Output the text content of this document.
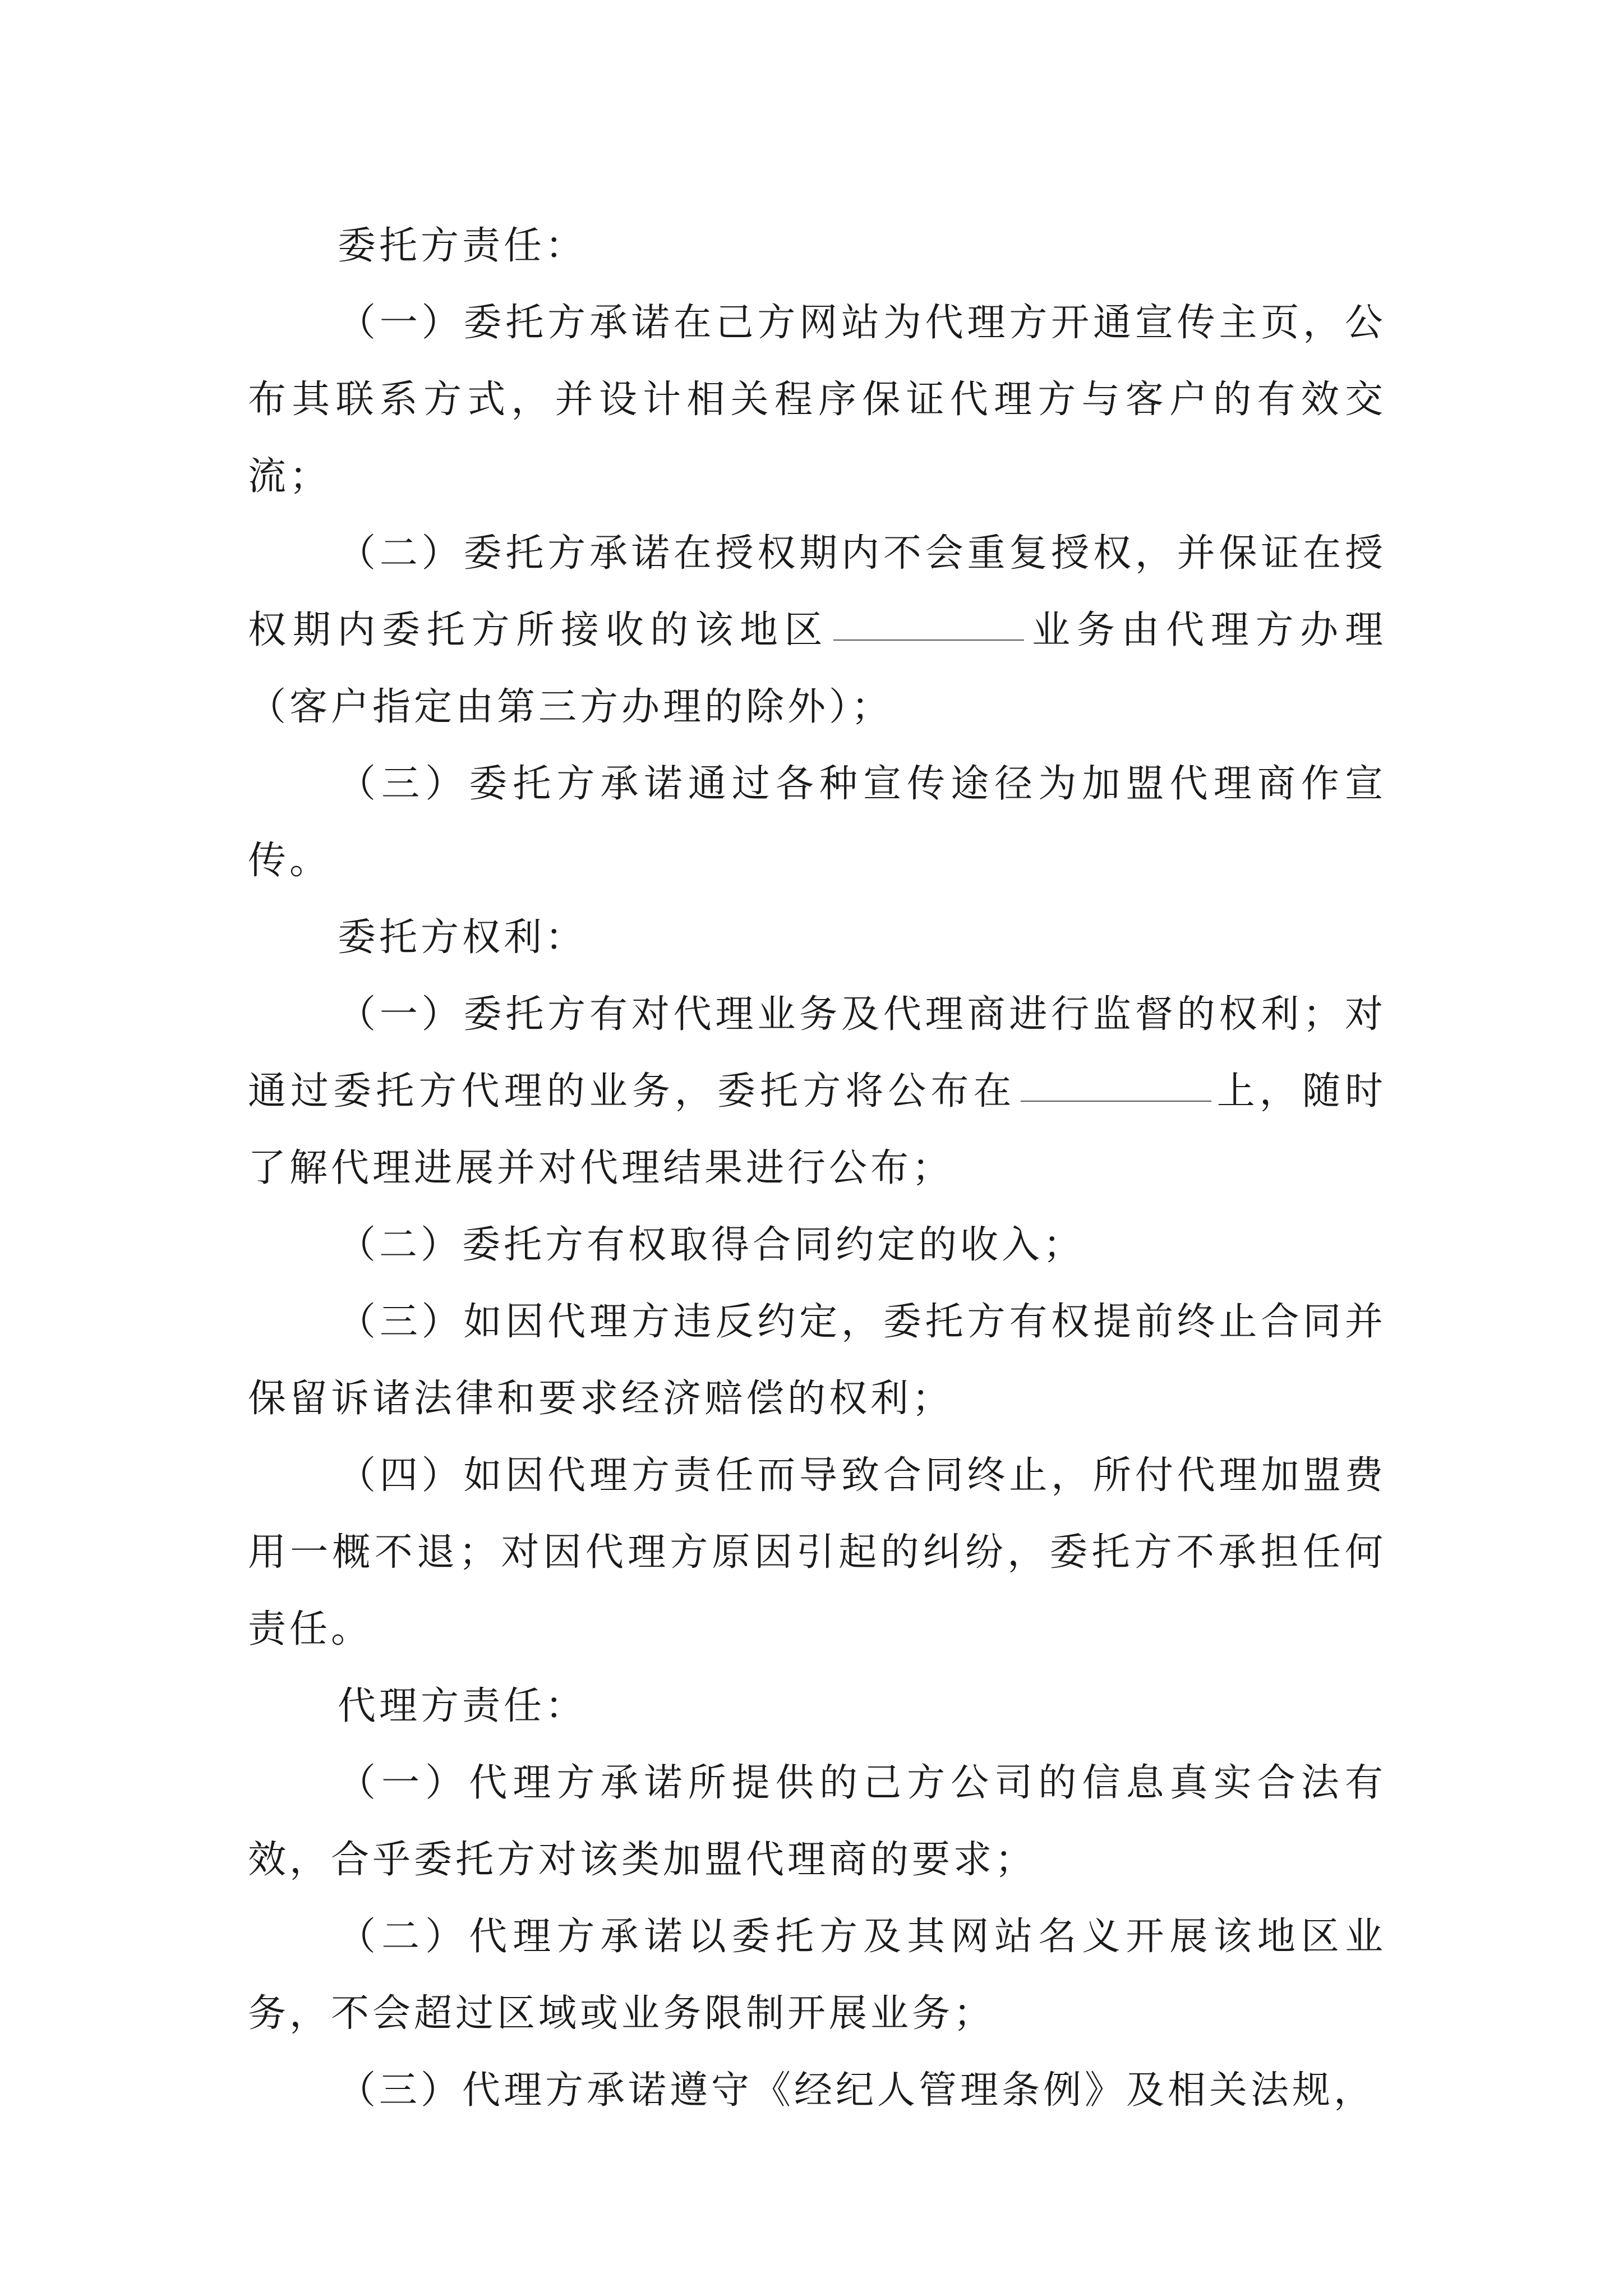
委托方责任：

（一）委托方承诺在己方网站为代理方开通宣传主页，公布其联系方式，并设计相关程序保证代理方与客户的有效交流；

（二）委托方承诺在授权期内不会重复授权，并保证在授权期内委托方所接收的该地区	业务由代理方办理（客户指定由第三方办理的除外）；

（三）委托方承诺通过各种宣传途径为加盟代理商作宣传。

委托方权利：

（一）委托方有对代理业务及代理商进行监督的权利；对通过委托方代理的业务，委托方将公布在	上，随时了解代理进展并对代理结果进行公布；

（二）委托方有权取得合同约定的收入；

（三）如因代理方违反约定，委托方有权提前终止合同并保留诉诸法律和要求经济赔偿的权利；

（四）如因代理方责任而导致合同终止，所付代理加盟费用一概不退；对因代理方原因引起的纠纷，委托方不承担任何责任。

代理方责任：

（一）代理方承诺所提供的己方公司的信息真实合法有效，合乎委托方对该类加盟代理商的要求；

（二）代理方承诺以委托方及其网站名义开展该地区业务，不会超过区域或业务限制开展业务；

（三）代理方承诺遵守《经纪人管理条例》及相关法规，
